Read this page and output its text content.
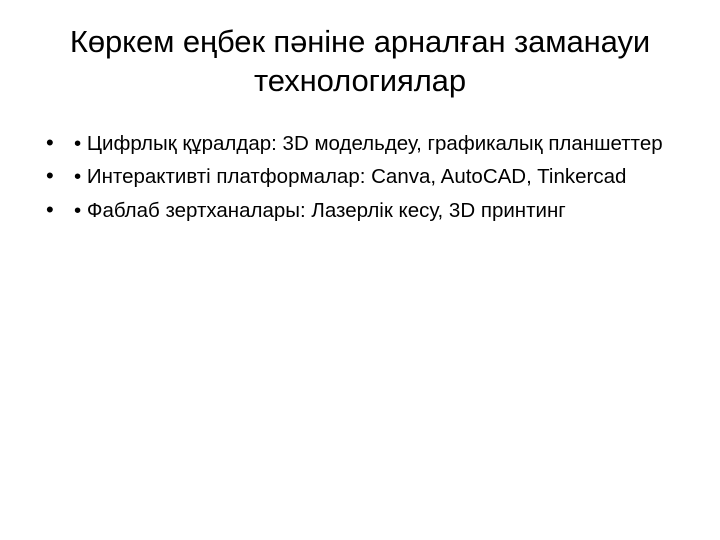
Көркем еңбек пәніне арналған заманауи технологиялар
• • Цифрлық құралдар: 3D модельдеу, графикалық планшеттер
• • Интерактивті платформалар: Canva, AutoCAD, Tinkercad
• • Фаблаб зертханалары: Лазерлік кесу, 3D принтинг
